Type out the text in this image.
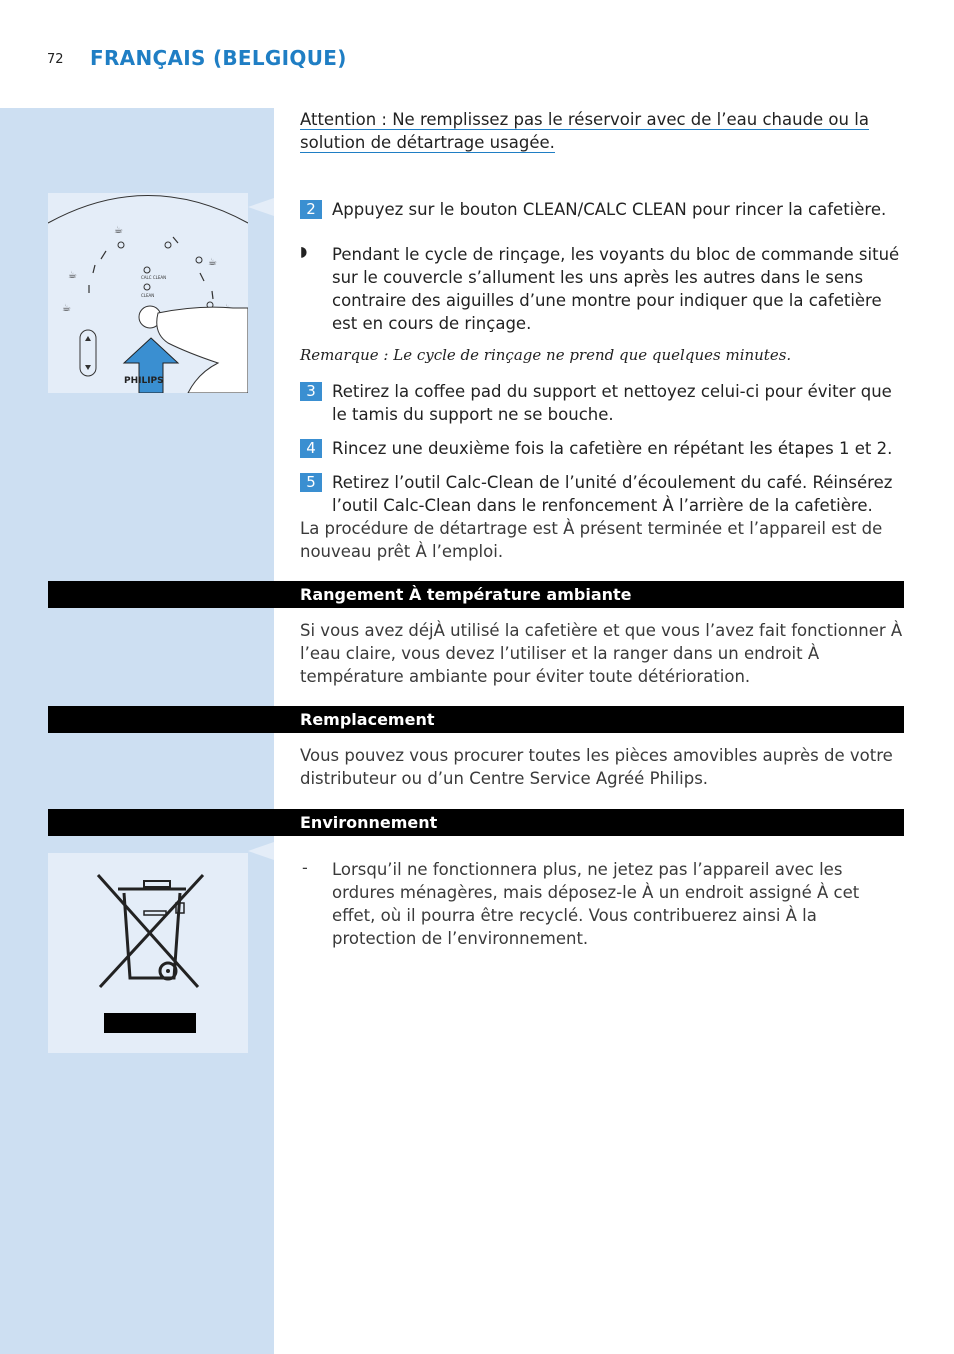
72 FRANÇAIS (BELGIQUE)
Attention : Ne remplissez pas le réservoir avec de l’eau chaude ou la
solution de détartrage usagée.
☕
☕
☕
☕
CALC CLEAN
CLEAN
PHILIPS
2 Appuyez sur le bouton CLEAN/CALC CLEAN pour rincer la cafetière.
◗ Pendant le cycle de rinçage, les voyants du bloc de commande situé sur le couvercle s’allument les uns après les autres dans le sens contraire des aiguilles d’une montre pour indiquer que la cafetière est en cours de rinçage.
Remarque : Le cycle de rinçage ne prend que quelques minutes.
3 Retirez la coffee pad du support et nettoyez celui-ci pour éviter que le tamis du support ne se bouche.
4 Rincez une deuxième fois la cafetière en répétant les étapes 1 et 2.
5 Retirez l’outil Calc-Clean de l’unité d’écoulement du café. Réinsérez l’outil Calc-Clean dans le renfoncement À l’arrière de la cafetière.
La procédure de détartrage est À présent terminée et l’appareil est de nouveau prêt À l’emploi.
Rangement À température ambiante
Si vous avez déjÀ utilisé la cafetière et que vous l’avez fait fonctionner À l’eau claire, vous devez l’utiliser et la ranger dans un endroit À température ambiante pour éviter toute détérioration.
Remplacement
Vous pouvez vous procurer toutes les pièces amovibles auprès de votre distributeur ou d’un Centre Service Agréé Philips.
Environnement
- Lorsqu’il ne fonctionnera plus, ne jetez pas l’appareil avec les ordures ménagères, mais déposez-le À un endroit assigné À cet effet, où il pourra être recyclé. Vous contribuerez ainsi À la protection de l’environnement.
